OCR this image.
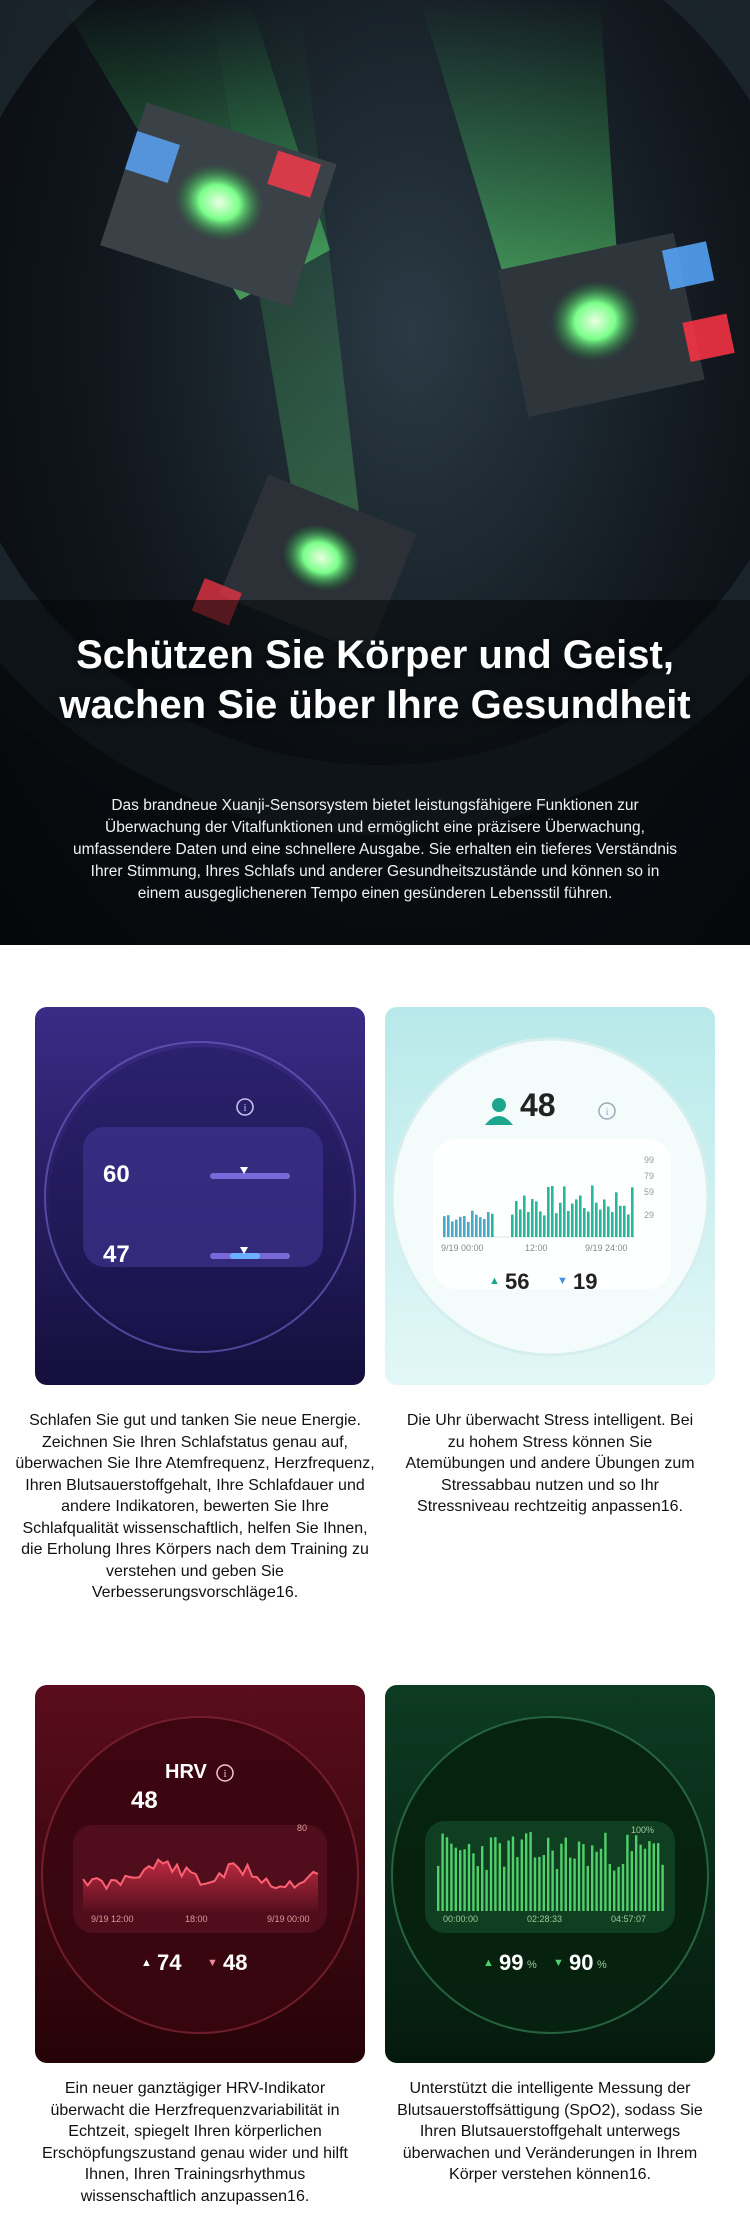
Schützen Sie Körper und Geist, wachen Sie über Ihre Gesundheit

Das brandneue Xuanji-Sensorsystem bietet leistungsfähigere Funktionen zur Überwachung der Vitalfunktionen und ermöglicht eine präzisere Überwachung, umfassendere Daten und eine schnellere Ausgabe. Sie erhalten ein tieferes Verständnis Ihrer Stimmung, Ihres Schlafs und anderer Gesundheitszustände und können so in einem ausgeglicheneren Tempo einen gesünderen Lebensstil führen.

i
60
47

Schlafen Sie gut und tanken Sie neue Energie. Zeichnen Sie Ihren Schlafstatus genau auf, überwachen Sie Ihre Atemfrequenz, Herzfrequenz, Ihren Blutsauerstoffgehalt, Ihre Schlafdauer und andere Indikatoren, bewerten Sie Ihre Schlafqualität wissenschaftlich, helfen Sie Ihnen, die Erholung Ihres Körpers nach dem Training zu verstehen und geben Sie Verbesserungsvorschläge16.

i
48
99
79
59
29
9/19 00:00	12:00	9/19 24:00
▲ 56	▼ 19

Die Uhr überwacht Stress intelligent. Bei zu hohem Stress können Sie Atemübungen und andere Übungen zum Stressabbau nutzen und so Ihr Stressniveau rechtzeitig anpassen16.

i
HRV
48
80
9/19 12:00	18:00	9/19 00:00
▲ 74 ▼ 48

Ein neuer ganztägiger HRV-Indikator überwacht die Herzfrequenzvariabilität in Echtzeit, spiegelt Ihren körperlichen Erschöpfungszustand genau wider und hilft Ihnen, Ihren Trainingsrhythmus wissenschaftlich anzupassen16.

100%
00:00:00	02:28:33	04:57:07
▲ 99 % ▼ 90 %

Unterstützt die intelligente Messung der Blutsauerstoffsättigung (SpO2), sodass Sie Ihren Blutsauerstoffgehalt unterwegs überwachen und Veränderungen in Ihrem Körper verstehen können16.
